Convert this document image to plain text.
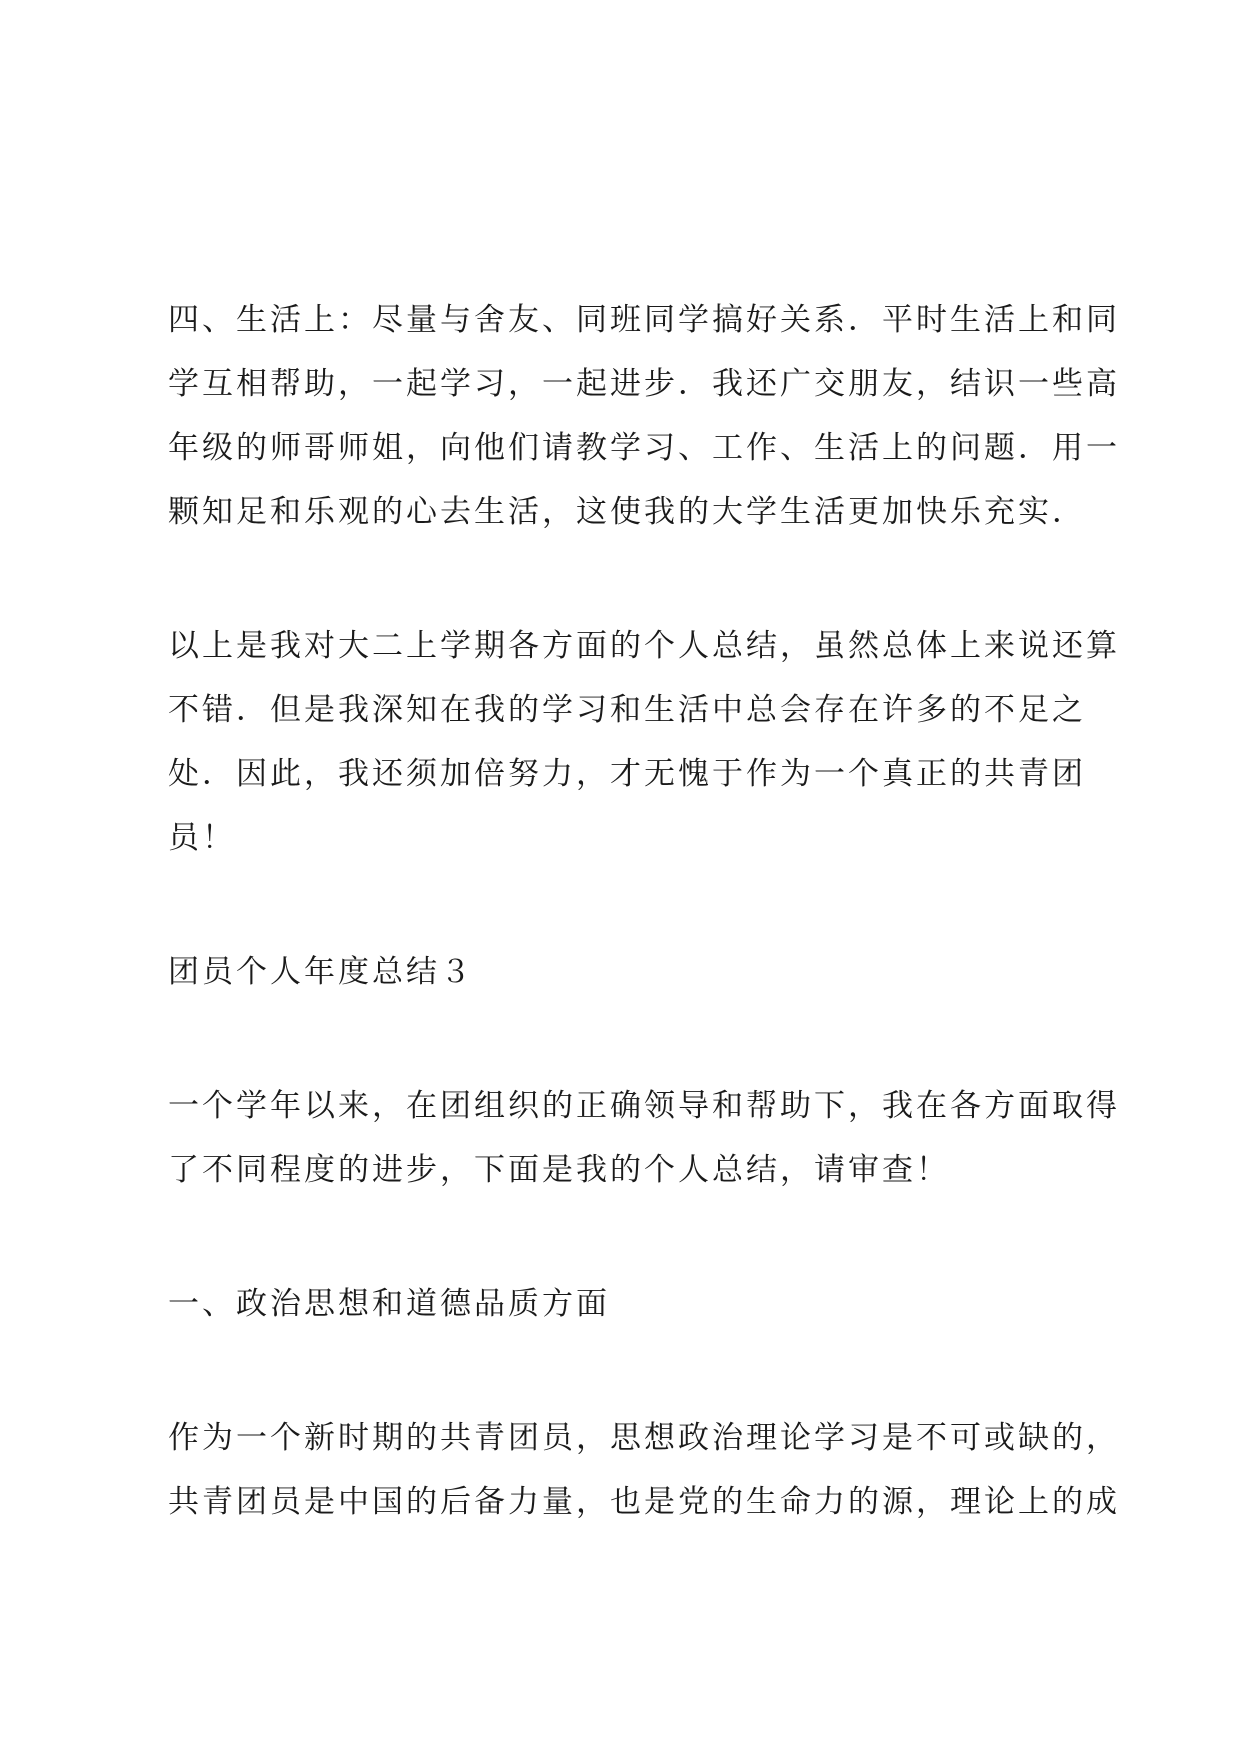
四、生活上：尽量与舍友、同班同学搞好关系．平时生活上和同
学互相帮助，一起学习，一起进步．我还广交朋友，结识一些高
年级的师哥师姐，向他们请教学习、工作、生活上的问题．用一
颗知足和乐观的心去生活，这使我的大学生活更加快乐充实．

以上是我对大二上学期各方面的个人总结，虽然总体上来说还算
不错．但是我深知在我的学习和生活中总会存在许多的不足之
处．因此，我还须加倍努力，才无愧于作为一个真正的共青团
员！

团员个人年度总结３

一个学年以来，在团组织的正确领导和帮助下，我在各方面取得
了不同程度的进步，下面是我的个人总结，请审查！

一、政治思想和道德品质方面

作为一个新时期的共青团员，思想政治理论学习是不可或缺的，
共青团员是中国的后备力量，也是党的生命力的源，理论上的成
